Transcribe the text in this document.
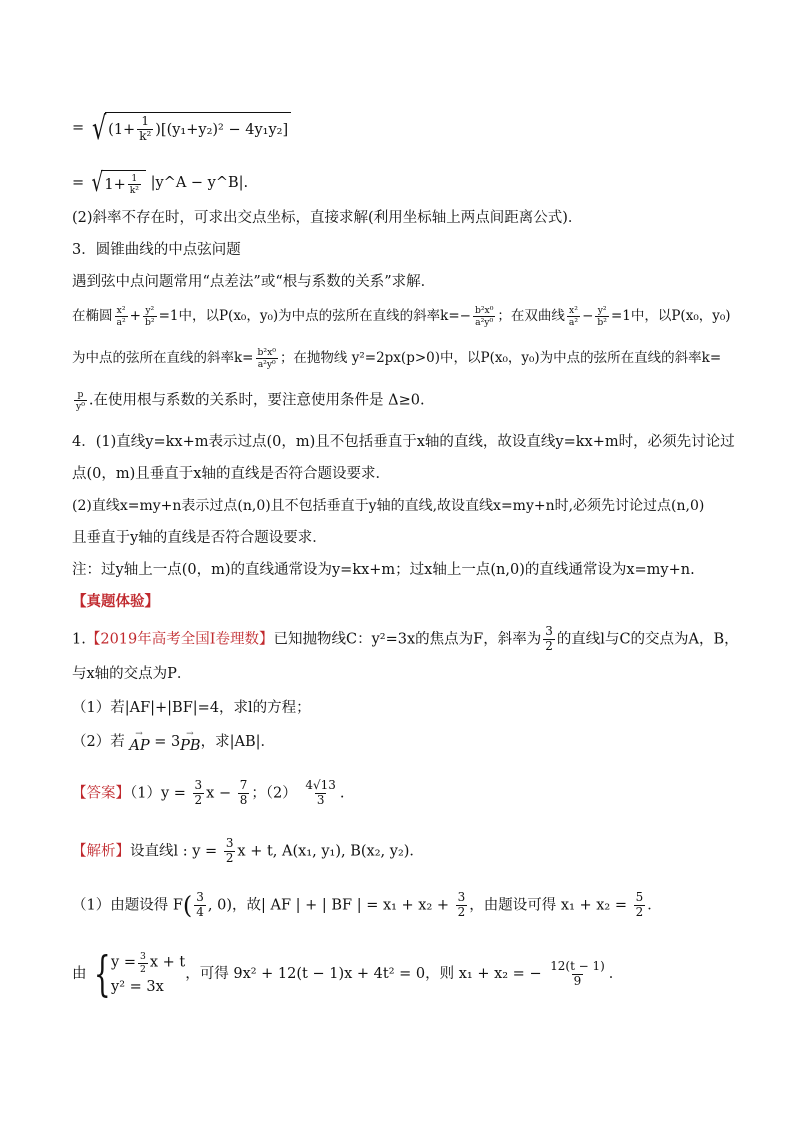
= √ ( $1+ \frac{1}{\text{k²}}$ ) [(y₁+y₂)² − 4y₁y₂]
= √ $1+ \frac{1}{\text{k²}}$ |y^A − y^B|.
(2)斜率不存在时，可求出交点坐标，直接求解(利用坐标轴上两点间距离公式)．
3．圆锥曲线的中点弦问题
遇到弦中点问题常用“点差法”或“根与系数的关系”求解．
在椭圆 $\frac{\text{x²}}{\text{a²}} + \frac{\text{y²}}{\text{b²}} =1$中，以P(x₀，y₀)为中点的弦所在直线的斜率$k=- \frac{\text{b²x⁰}}{\text{a²y⁰}}$ ；在双曲线 $\frac{\text{x²}}{\text{a²}} - \frac{\text{y²}}{\text{b²}} =1$中，以P(x₀，y₀)
为中点的弦所在直线的斜率$k= \frac{\text{b²x⁰}}{\text{a²y⁰}}$ ；在抛物线 y²=2px(p>0)中，以P(x₀，y₀)为中点的弦所在直线的斜率k=
$\frac{p}{\text{y⁰}}$ .在使用根与系数的关系时，要注意使用条件是 Δ≥0.
4．(1)直线y=kx+m表示过点(0，m)且不包括垂直于x轴的直线，故设直线y=kx+m时，必须先讨论过
点(0，m)且垂直于x轴的直线是否符合题设要求．
(2)直线x=my+n表示过点(n,0)且不包括垂直于y轴的直线,故设直线x=my+n时,必须先讨论过点(n,0)
且垂直于y轴的直线是否符合题设要求．
注：过y轴上一点(0，m)的直线通常设为y=kx+m；过x轴上一点(n,0)的直线通常设为x=my+n.
【真题体验】
1.【2019年高考全国Ⅰ卷理数】已知抛物线C：y²=3x的焦点为F，斜率为 $\frac{3}{2}$ 的直线l与C的交点为A，B，
与x轴的交点为P．
（1）若|AF|+|BF|=4，求l的方程；
（2）若 →
AP = 3 →
PB ，求|AB|．
【答案】$(1)y = \frac{3}{2}$ $x - \frac{7}{8}$ ；$(2) \frac{4√13}{3}$ .
【解析】设直线l : $y = \frac{3}{2}$ x + t, A(x₁, y₁), B(x₂, y₂)．
（1）由题设得 $F( \frac{3}{4}$ , 0)，故| AF | + | BF | = $x_1 + x_2 + \frac{3}{2}$ ，由题设可得 $x_1 + x_2 = \frac{5}{2}$ ．
由 { $y = \frac{3}{2}$ x + t
y² = 3x
，可得 9x² + 12(t − 1)x + 4t² = 0，则 x₁ + x₂ = − $\frac{12(t - 1)}{9}$ ．
